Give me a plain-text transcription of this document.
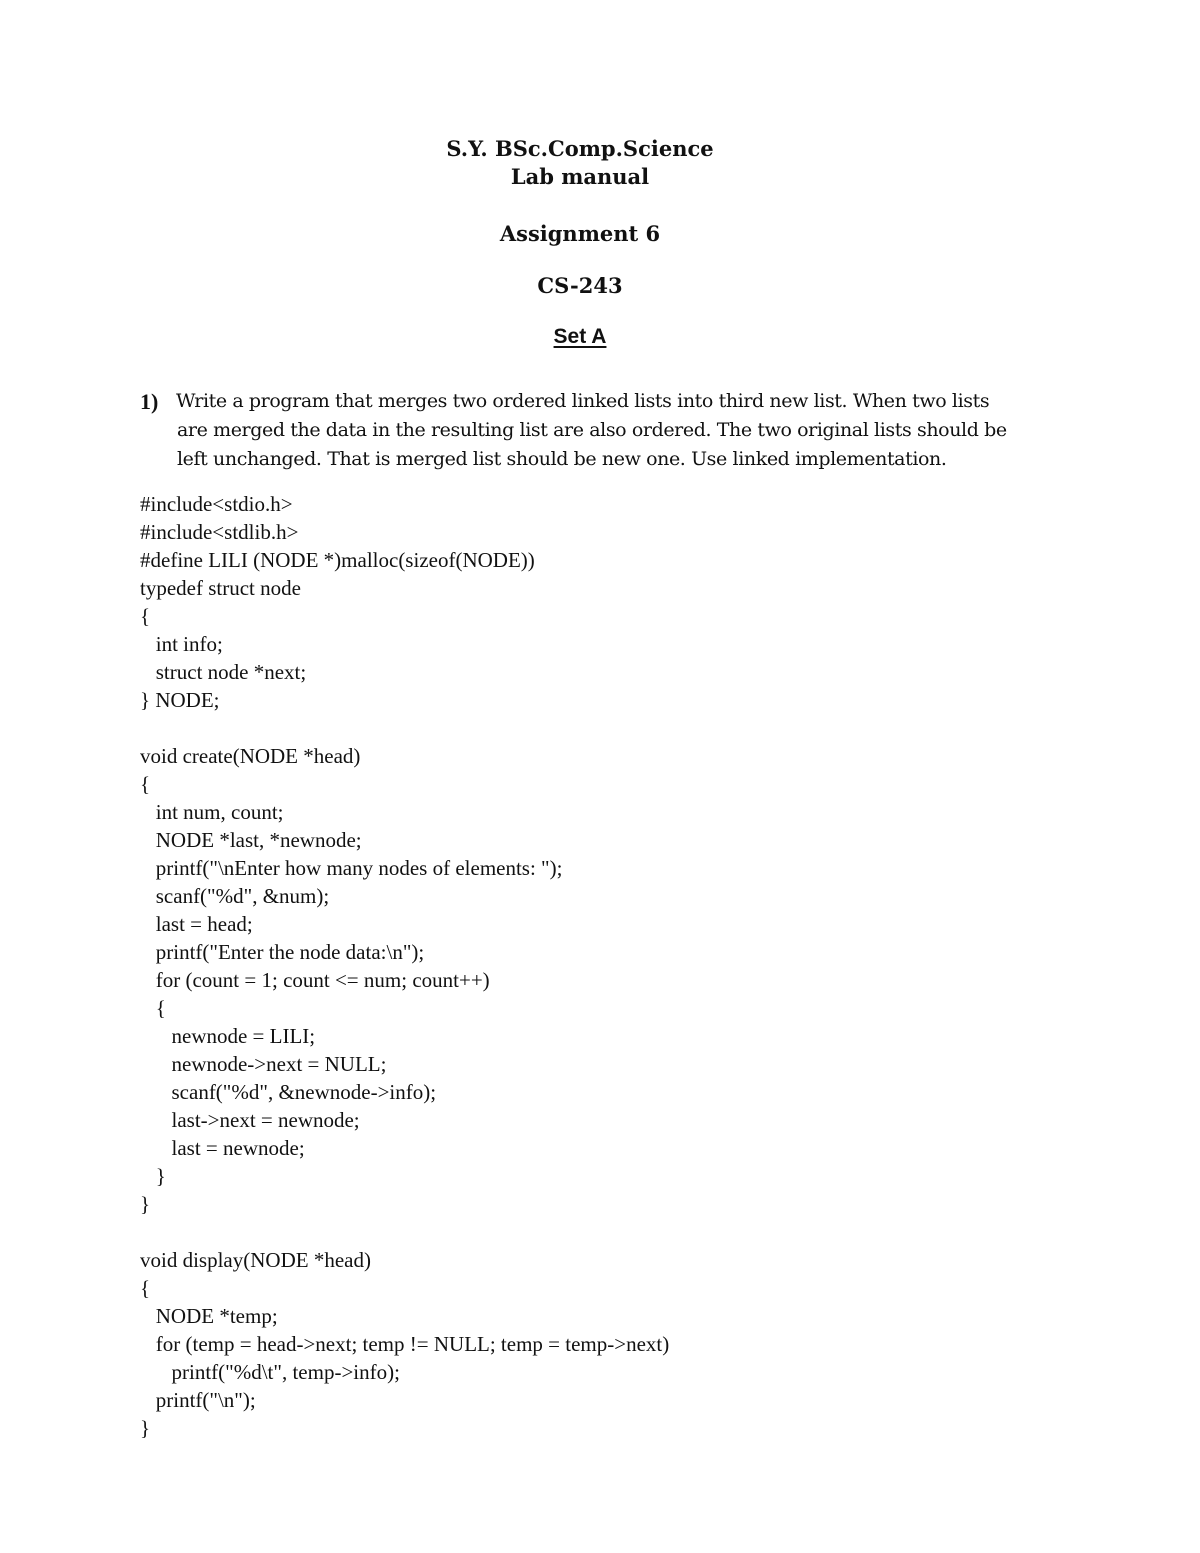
S.Y. BSc.Comp.Science
Lab manual
Assignment 6
CS-243
Set A
1) Write a program that merges two ordered linked lists into third new list. When two lists
are merged the data in the resulting list are also ordered. The two original lists should be
left unchanged. That is merged list should be new one. Use linked implementation.
#include<stdio.h>
#include<stdlib.h>
#define LILI (NODE *)malloc(sizeof(NODE))
typedef struct node
{
int info;
struct node *next;
} NODE;
void create(NODE *head)
{
int num, count;
NODE *last, *newnode;
printf("\nEnter how many nodes of elements: ");
scanf("%d", &num);
last = head;
printf("Enter the node data:\n");
for (count = 1; count <= num; count++)
{
newnode = LILI;
newnode->next = NULL;
scanf("%d", &newnode->info);
last->next = newnode;
last = newnode;
}
}
void display(NODE *head)
{
NODE *temp;
for (temp = head->next; temp != NULL; temp = temp->next)
printf("%d\t", temp->info);
printf("\n");
}
